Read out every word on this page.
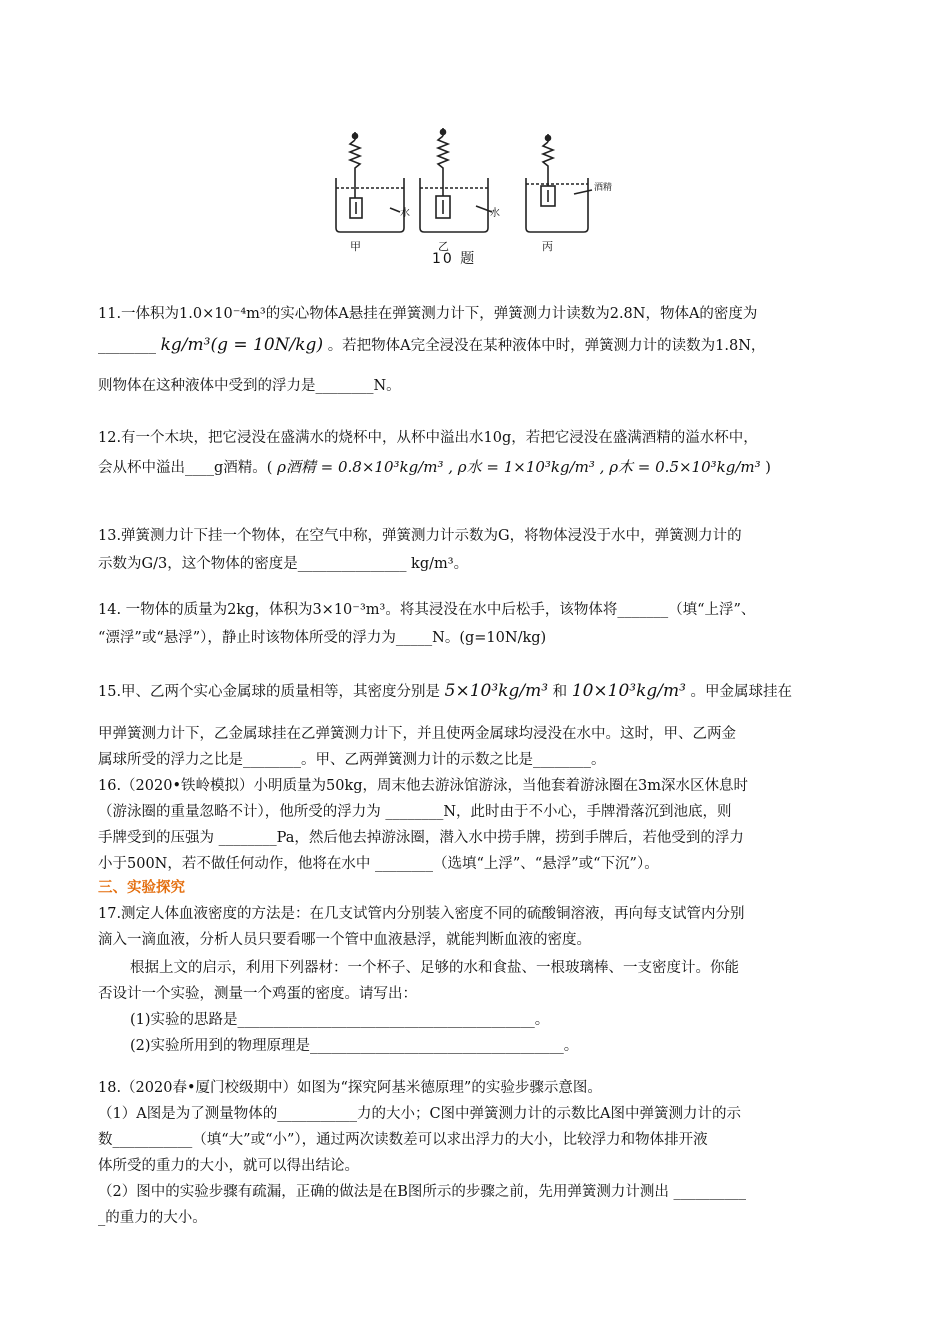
甲	乙	丙
水	水
酒精
10 题
11.一体积为1.0×10⁻⁴m³的实心物体A悬挂在弹簧测力计下，弹簧测力计读数为2.8N，物体A的密度为
________ kg/m³(g = 10N/kg) 。若把物体A完全浸没在某种液体中时，弹簧测力计的读数为1.8N，
则物体在这种液体中受到的浮力是________N。
12.有一个木块，把它浸没在盛满水的烧杯中，从杯中溢出水10g，若把它浸没在盛满酒精的溢水杯中，
会从杯中溢出____g酒精。( ρ酒精 = 0.8×10³kg/m³ , ρ水 = 1×10³kg/m³ , ρ木 = 0.5×10³kg/m³ )
13.弹簧测力计下挂一个物体，在空气中称，弹簧测力计示数为G，将物体浸没于水中，弹簧测力计的
示数为G/3，这个物体的密度是_______________ kg/m³。
14. 一物体的质量为2kg，体积为3×10⁻³m³。将其浸没在水中后松手，该物体将_______（填“上浮”、
“漂浮”或“悬浮”），静止时该物体所受的浮力为_____N。(g=10N/kg)
15.甲、乙两个实心金属球的质量相等，其密度分别是 5×10³kg/m³ 和 10×10³kg/m³ 。甲金属球挂在
甲弹簧测力计下，乙金属球挂在乙弹簧测力计下，并且使两金属球均浸没在水中。这时，甲、乙两金
属球所受的浮力之比是________。甲、乙两弹簧测力计的示数之比是________。
16.（2020•铁岭模拟）小明质量为50kg，周末他去游泳馆游泳，当他套着游泳圈在3m深水区休息时
（游泳圈的重量忽略不计），他所受的浮力为 ________N，此时由于不小心，手牌滑落沉到池底，则
手牌受到的压强为 ________Pa，然后他去掉游泳圈，潜入水中捞手牌，捞到手牌后，若他受到的浮力
小于500N，若不做任何动作，他将在水中 ________（选填“上浮”、“悬浮”或“下沉”）。
三、实验探究
17.测定人体血液密度的方法是：在几支试管内分别装入密度不同的硫酸铜溶液，再向每支试管内分别
滴入一滴血液，分析人员只要看哪一个管中血液悬浮，就能判断血液的密度。
根据上文的启示，利用下列器材：一个杯子、足够的水和食盐、一根玻璃棒、一支密度计。你能
否设计一个实验，测量一个鸡蛋的密度。请写出：
(1)实验的思路是_________________________________________。
(2)实验所用到的物理原理是___________________________________。
18.（2020春•厦门校级期中）如图为“探究阿基米德原理”的实验步骤示意图。
（1）A图是为了测量物体的___________力的大小；C图中弹簧测力计的示数比A图中弹簧测力计的示
数___________（填“大”或“小”），通过两次读数差可以求出浮力的大小，比较浮力和物体排开液
体所受的重力的大小，就可以得出结论。
（2）图中的实验步骤有疏漏，正确的做法是在B图所示的步骤之前，先用弹簧测力计测出 __________
_的重力的大小。
